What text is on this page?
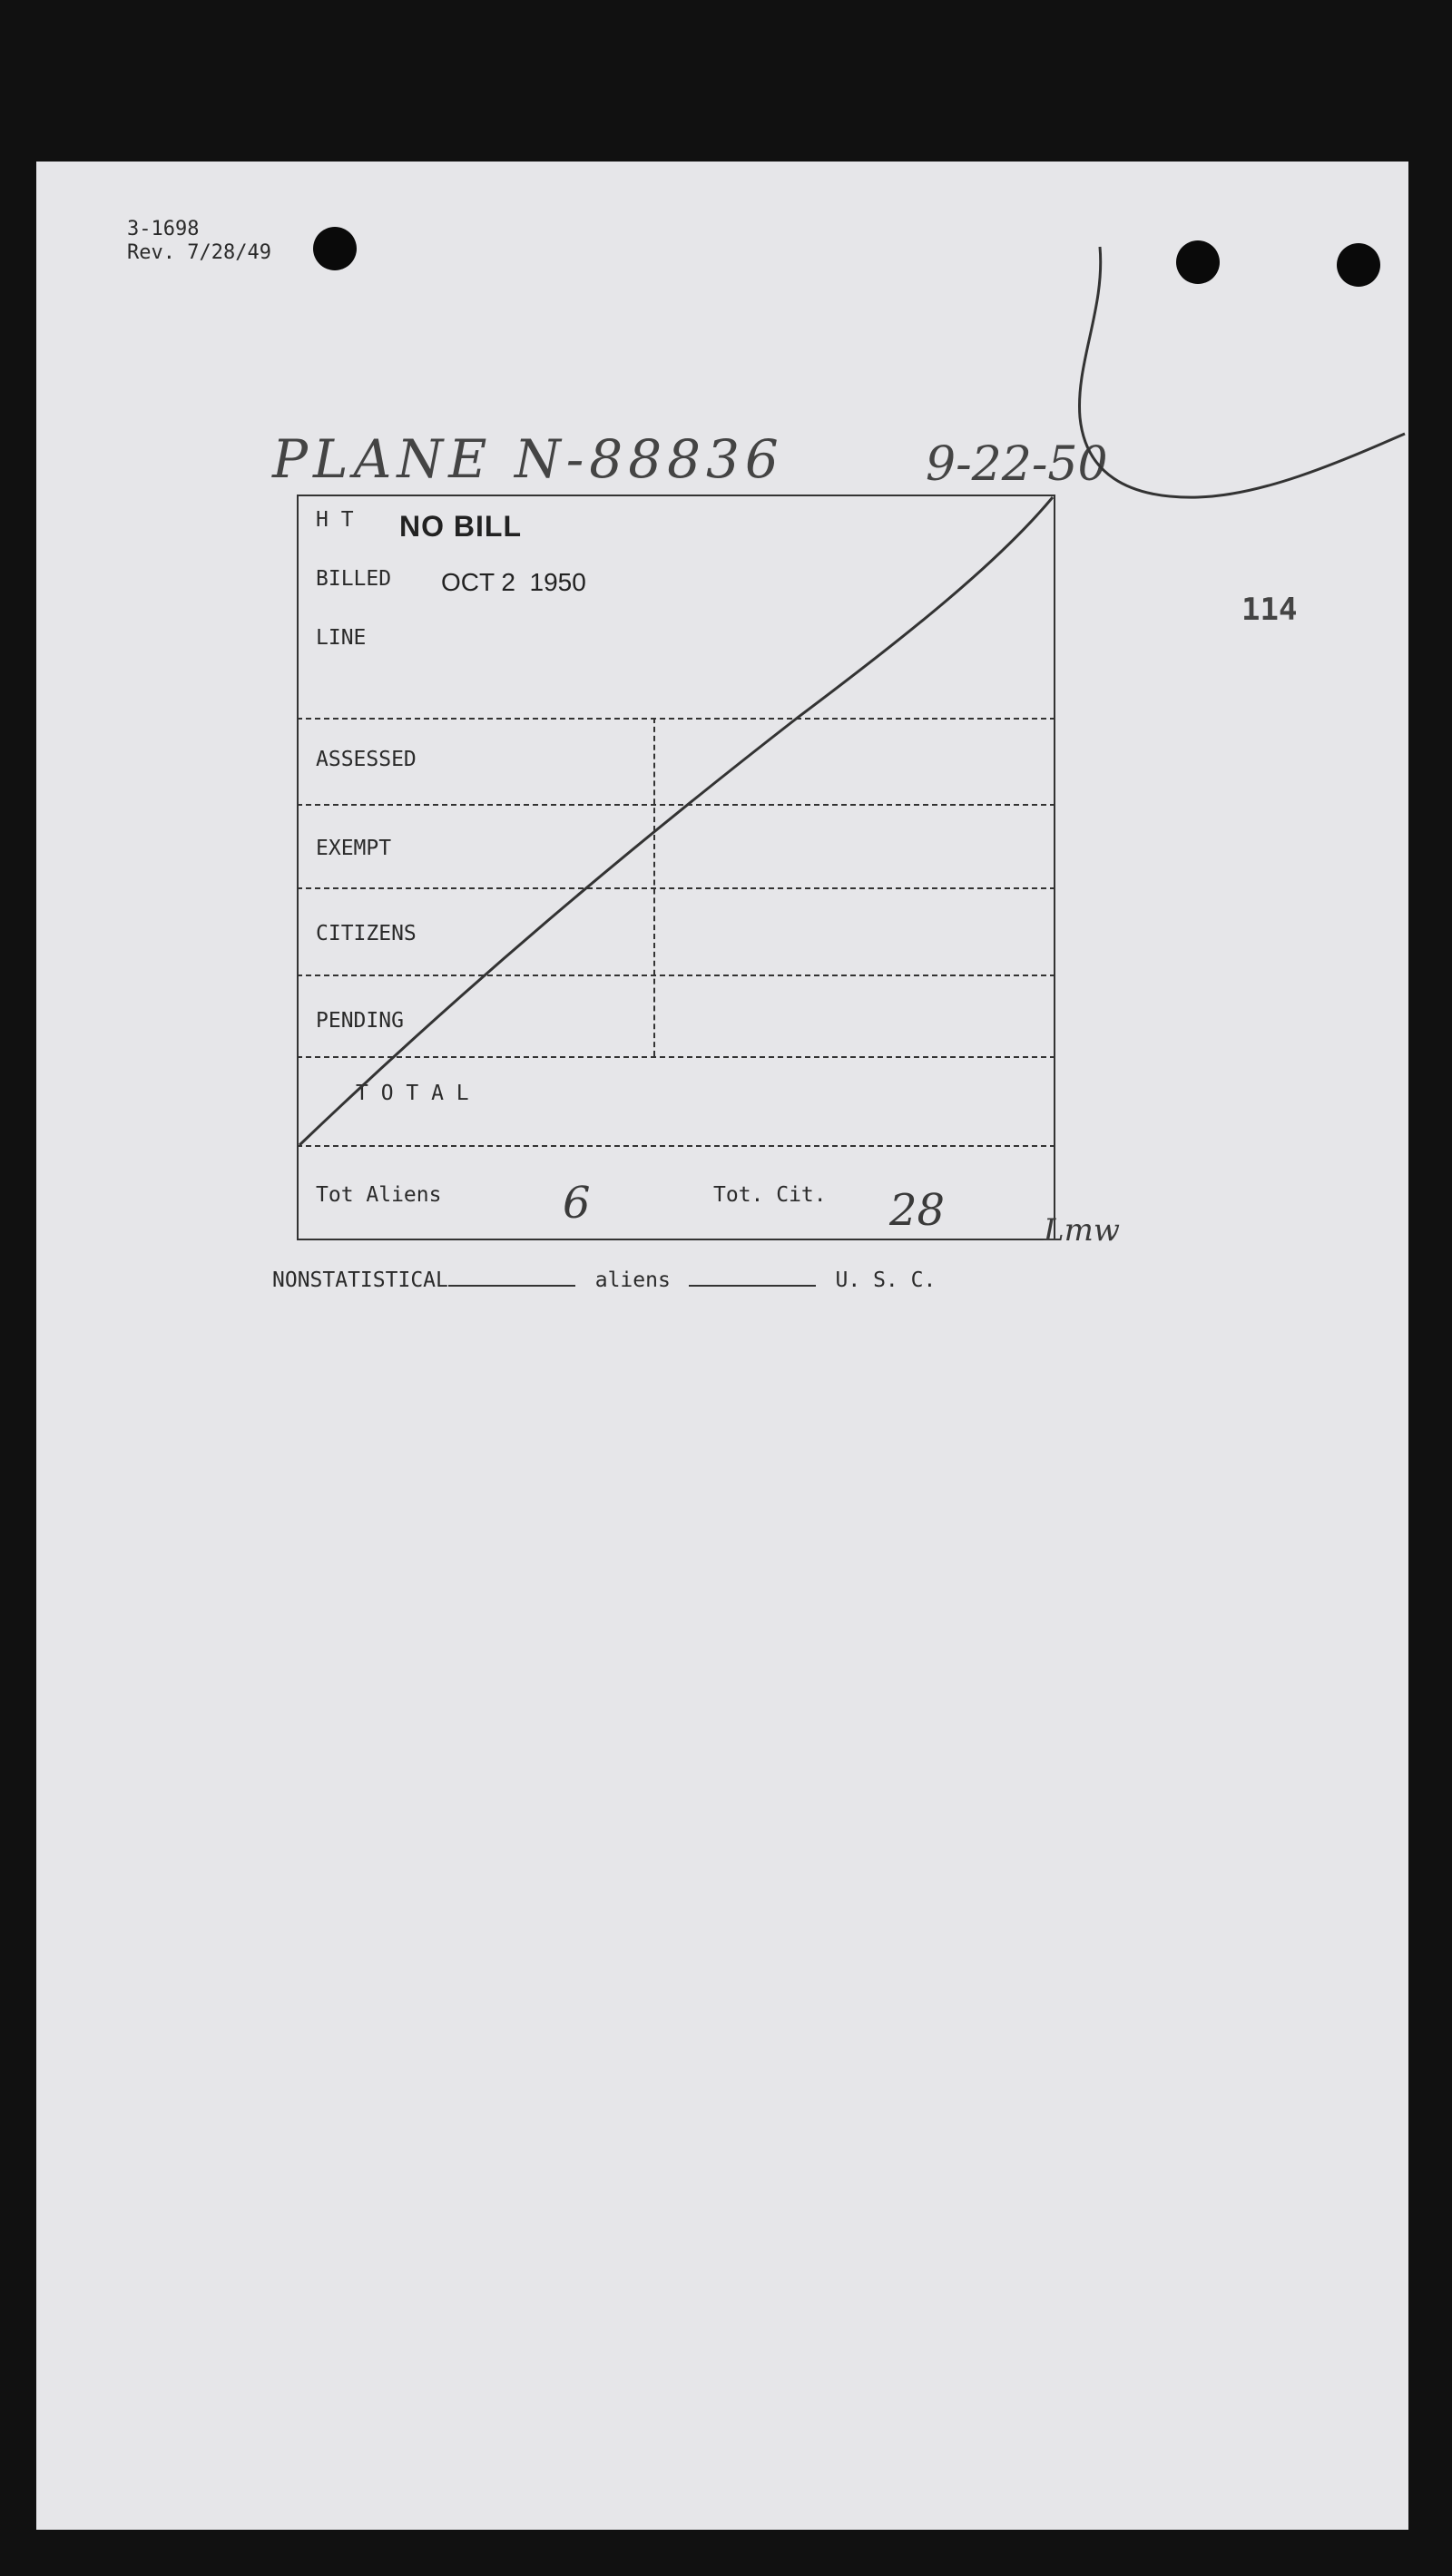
3-1698
Rev. 7/28/49
PLANE N-88836	9-22-50
114
H T NO BILL
BILLED OCT 2  1950
LINE
ASSESSED
EXEMPT
CITIZENS
PENDING
T O T A L
Tot Aliens	6	Tot. Cit. 28	Lmw
NONSTATISTICAL	aliens	U. S. C.
